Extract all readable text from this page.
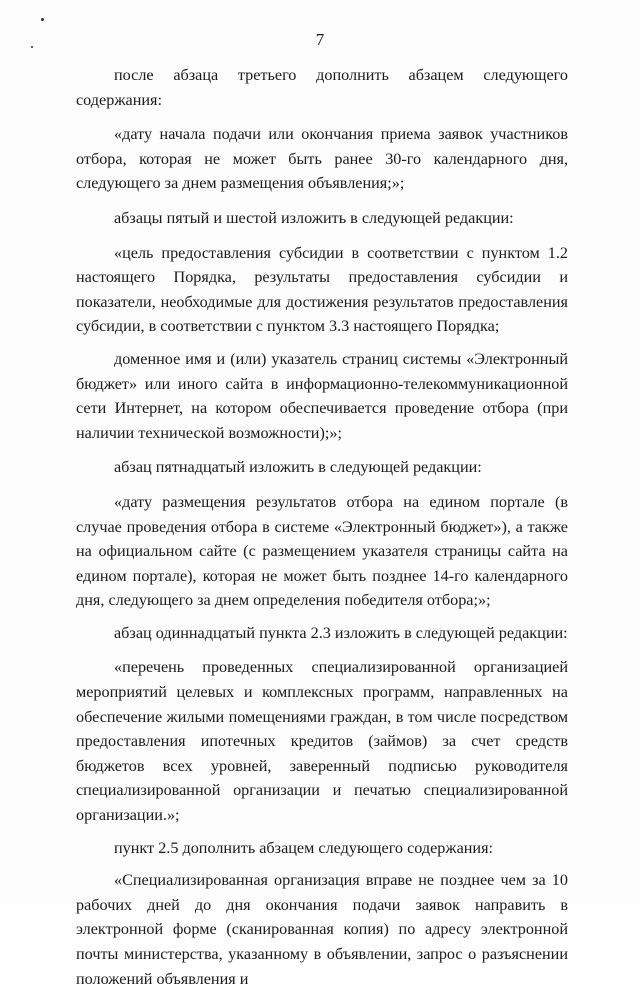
7

после абзаца третьего дополнить абзацем следующего содержания:

«дату начала подачи или окончания приема заявок участников отбора, которая не может быть ранее 30-го календарного дня, следующего за днем размещения объявления;»;

абзацы пятый и шестой изложить в следующей редакции:

«цель предоставления субсидии в соответствии с пунктом 1.2 настоящего Порядка, результаты предоставления субсидии и показатели, необходимые для достижения результатов предоставления субсидии, в соответствии с пунктом 3.3 настоящего Порядка;

доменное имя и (или) указатель страниц системы «Электронный бюджет» или иного сайта в информационно-телекоммуникационной сети Интернет, на котором обеспечивается проведение отбора (при наличии технической возможности);»;

абзац пятнадцатый изложить в следующей редакции:

«дату размещения результатов отбора на едином портале (в случае проведения отбора в системе «Электронный бюджет»), а также на официальном сайте (с размещением указателя страницы сайта на едином портале), которая не может быть позднее 14-го календарного дня, следующего за днем определения победителя отбора;»;

абзац одиннадцатый пункта 2.3 изложить в следующей редакции:

«перечень проведенных специализированной организацией мероприятий целевых и комплексных программ, направленных на обеспечение жилыми помещениями граждан, в том числе посредством предоставления ипотечных кредитов (займов) за счет средств бюджетов всех уровней, заверенный подписью руководителя специализированной организации и печатью специализированной организации.»;

пункт 2.5 дополнить абзацем следующего содержания:

«Специализированная организация вправе не позднее чем за 10 рабочих дней до дня окончания подачи заявок направить в электронной форме (сканированная копия) по адресу электронной почты министерства, указанному в объявлении, запрос о разъяснении положений объявления и
